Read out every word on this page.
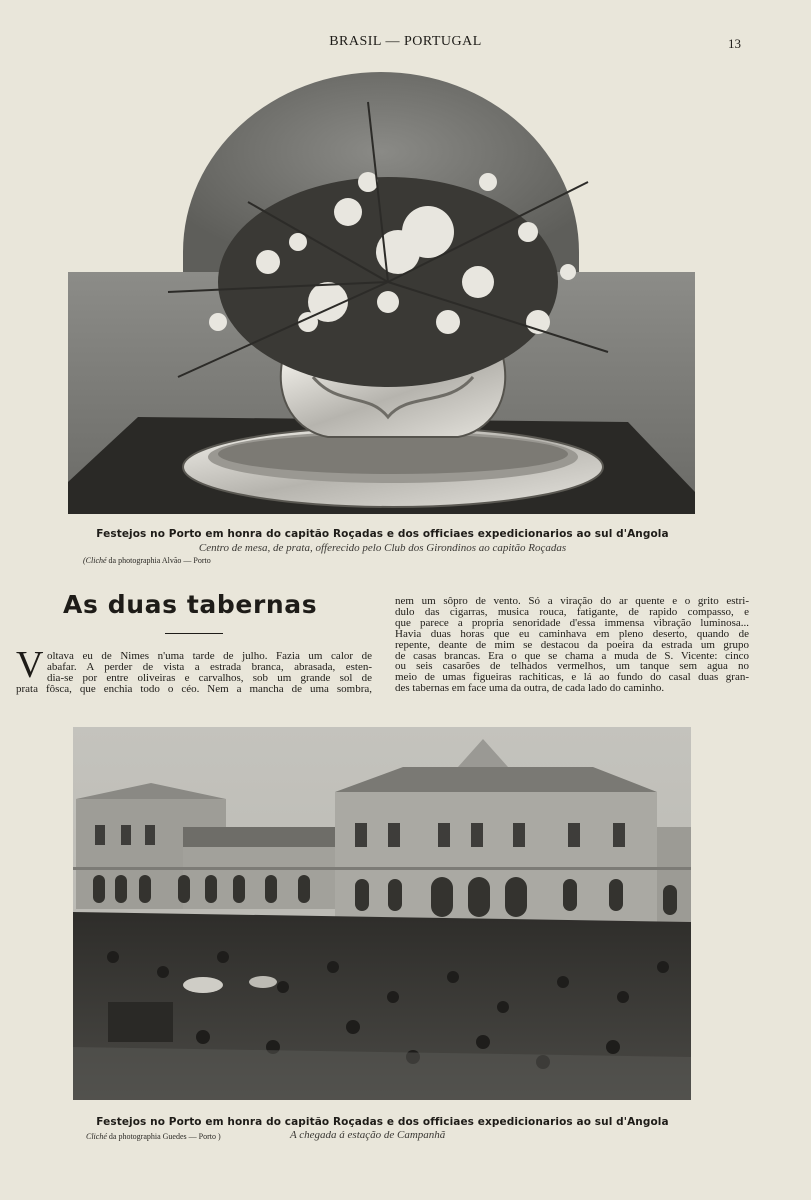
BRASIL — PORTUGAL	13
Festejos no Porto em honra do capitão Roçadas e dos officiaes expedicionarios ao sul d'Angola
Centro de mesa, de prata, offerecido pelo Club dos Girondinos ao capitão Roçadas
(Cliché da photographia Alvão — Porto
As duas tabernas
V oltava eu de Nimes n'uma tarde de julho. Fazia um calor de
abafar. A perder de vista a estrada branca, abrasada, esten-
dia-se por entre oliveiras e carvalhos, sob um grande sol de
prata fôsca, que enchia todo o céo. Nem a mancha de uma sombra,
nem um sôpro de vento. Só a viração do ar quente e o grito estri-
dulo das cigarras, musica rouca, fatigante, de rapido compasso, e
que parece a propria senoridade d'essa immensa vibração luminosa...
Havia duas horas que eu caminhava em pleno deserto, quando de
repente, deante de mim se destacou da poeira da estrada um grupo
de casas brancas. Era o que se chama a muda de S. Vicente: cinco
ou seis casarões de telhados vermelhos, um tanque sem agua no
meio de umas figueiras rachiticas, e lá ao fundo do casal duas gran-
des tabernas em face uma da outra, de cada lado do caminho.
Festejos no Porto em honra do capitão Roçadas e dos officiaes expedicionarios ao sul d'Angola
Cliché da photographia Guedes — Porto )	A chegada á estação de Campanhã
